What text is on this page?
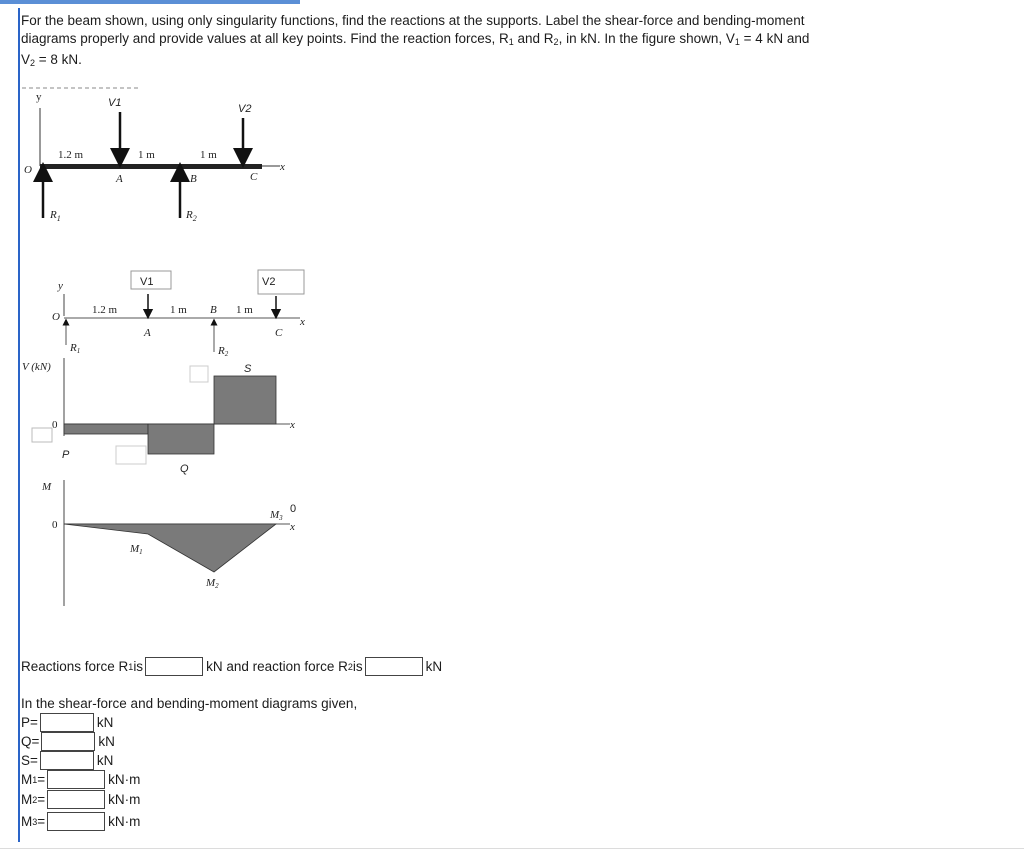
For the beam shown, using only singularity functions, find the reactions at the supports. Label the shear-force and bending-moment
diagrams properly and provide values at all key points. Find the reaction forces, $R_1$ and $R_2$, in kN. In the figure shown, $V_1 = 4$ kN and
$V_2 = 8$ kN.
y
O	x
V1	V2
1.2 m	1 m	1 m
A	B	C
$R_1$	$R_2$
y
O	x
V1	V2
1.2 m	1 m B 1 m
A	C
R1	R2
V (kN)
x
0
P
Q
S
M
x
0
M1
M2
M3
0
Reactions force R 1 is	kN and reaction force R 2 is	kN
In the shear-force and bending-moment diagrams given,
P =	kN
Q =	kN
S =	kN
M 1 =	kN·m
M 2 =	kN·m
M 3 =	kN·m
